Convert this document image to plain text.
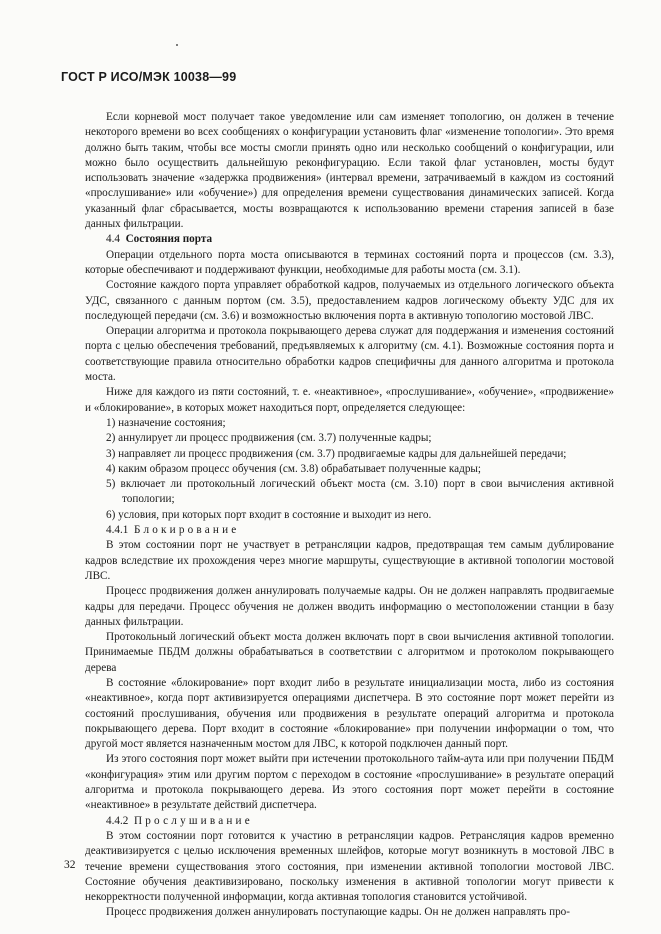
ГОСТ Р ИСО/МЭК 10038—99

Если корневой мост получает такое уведомление или сам изменяет топологию, он должен в течение некоторого времени во всех сообщениях о конфигурации установить флаг «изменение топологии». Это время должно быть таким, чтобы все мосты смогли принять одно или несколько сообщений о конфигурации, или можно было осуществить дальнейшую реконфигурацию. Если такой флаг установлен, мосты будут использовать значение «задержка продвижения» (интервал времени, затрачиваемый в каждом из состояний «прослушивание» или «обучение») для определения времени существования динамических записей. Когда указанный флаг сбрасывается, мосты возвращаются к использованию времени старения записей в базе данных фильтрации.

4.4 Состояния порта

Операции отдельного порта моста описываются в терминах состояний порта и процессов (см. 3.3), которые обеспечивают и поддерживают функции, необходимые для работы моста (см. 3.1).

Состояние каждого порта управляет обработкой кадров, получаемых из отдельного логического объекта УДС, связанного с данным портом (см. 3.5), предоставлением кадров логическому объекту УДС для их последующей передачи (см. 3.6) и возможностью включения порта в активную топологию мостовой ЛВС.

Операции алгоритма и протокола покрывающего дерева служат для поддержания и изменения состояний порта с целью обеспечения требований, предъявляемых к алгоритму (см. 4.1). Возможные состояния порта и соответствующие правила относительно обработки кадров специфичны для данного алгоритма и протокола моста.

Ниже для каждого из пяти состояний, т. е. «неактивное», «прослушивание», «обучение», «продвижение» и «блокирование», в которых может находиться порт, определяется следующее:

1) назначение состояния;

2) аннулирует ли процесс продвижения (см. 3.7) полученные кадры;

3) направляет ли процесс продвижения (см. 3.7) продвигаемые кадры для дальнейшей передачи;

4) каким образом процесс обучения (см. 3.8) обрабатывает полученные кадры;

5) включает ли протокольный логический объект моста (см. 3.10) порт в свои вычисления активной топологии;

6) условия, при которых порт входит в состояние и выходит из него.

4.4.1 Блокирование

В этом состоянии порт не участвует в ретрансляции кадров, предотвращая тем самым дублирование кадров вследствие их прохождения через многие маршруты, существующие в активной топологии мостовой ЛВС.

Процесс продвижения должен аннулировать получаемые кадры. Он не должен направлять продвигаемые кадры для передачи. Процесс обучения не должен вводить информацию о местоположении станции в базу данных фильтрации.

Протокольный логический объект моста должен включать порт в свои вычисления активной топологии. Принимаемые ПБДМ должны обрабатываться в соответствии с алгоритмом и протоколом покрывающего дерева

В состояние «блокирование» порт входит либо в результате инициализации моста, либо из состояния «неактивное», когда порт активизируется операциями диспетчера. В это состояние порт может перейти из состояний прослушивания, обучения или продвижения в результате операций алгоритма и протокола покрывающего дерева. Порт входит в состояние «блокирование» при получении информации о том, что другой мост является назначенным мостом для ЛВС, к которой подключен данный порт.

Из этого состояния порт может выйти при истечении протокольного тайм-аута или при получении ПБДМ «конфигурация» этим или другим портом с переходом в состояние «прослушивание» в результате операций алгоритма и протокола покрывающего дерева. Из этого состояния порт может перейти в состояние «неактивное» в результате действий диспетчера.

4.4.2 Прослушивание

В этом состоянии порт готовится к участию в ретрансляции кадров. Ретрансляция кадров временно деактивизируется с целью исключения временных шлейфов, которые могут возникнуть в мостовой ЛВС в течение времени существования этого состояния, при изменении активной топологии мостовой ЛВС. Состояние обучения деактивизировано, поскольку изменения в активной топологии могут привести к некорректности полученной информации, когда активная топология становится устойчивой.

Процесс продвижения должен аннулировать поступающие кадры. Он не должен направлять про-

32
